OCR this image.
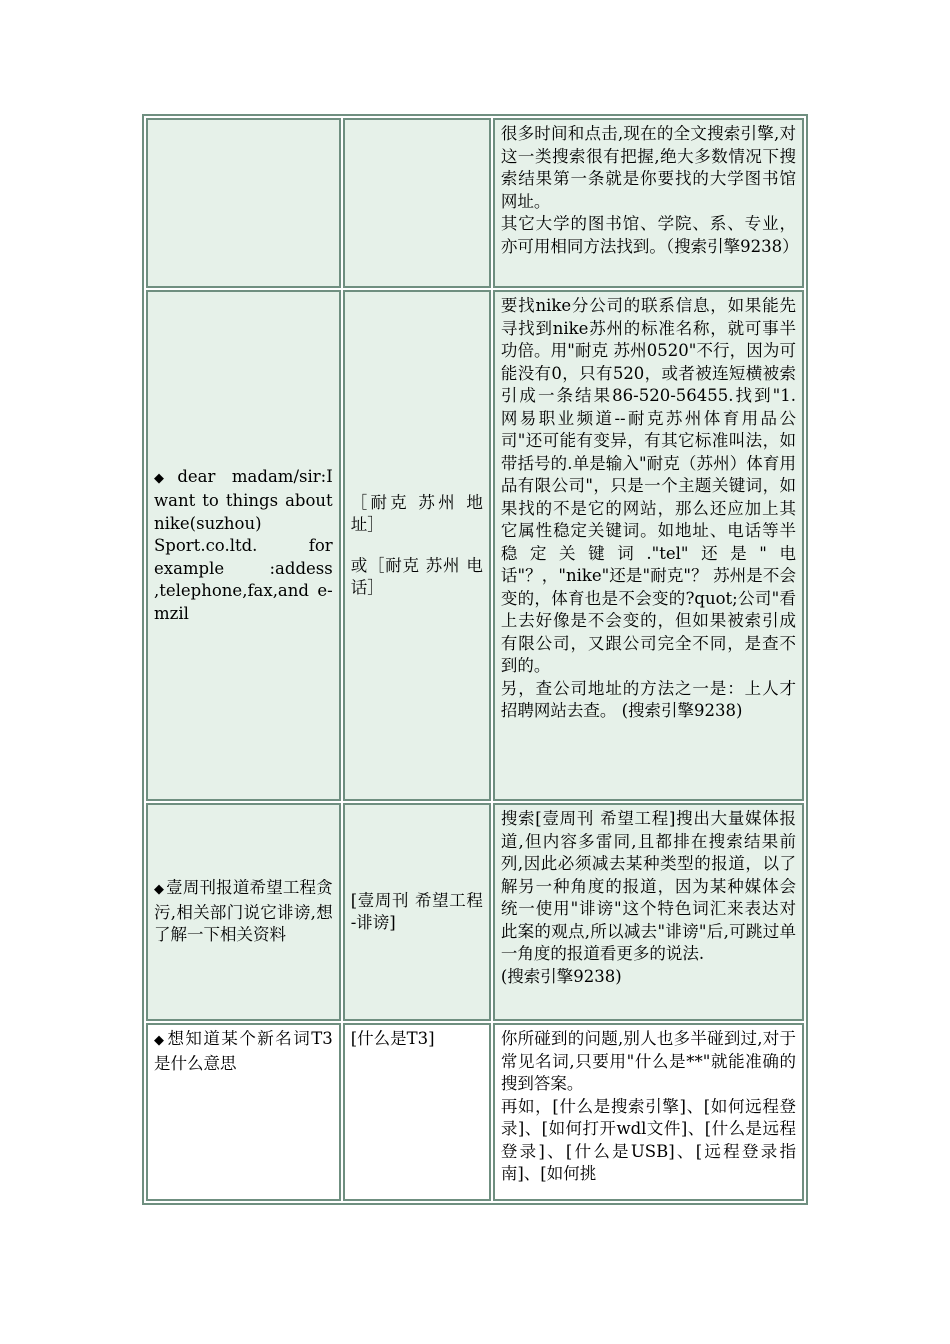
		很多时间和点击,现在的全文搜索引擎,对这一类搜索很有把握,绝大多数情况下搜索结果第一条就是你要找的大学图书馆网址。
其它大学的图书馆、学院、系、专业，亦可用相同方法找到。（搜索引擎9238）

◆ dear madam/sir:I want to things about nike(suzhou) Sport.co.ltd. for example :addess ,telephone,fax,and e-mzil	［耐克 苏州 地址］
或［耐克 苏州 电话］	要找nike分公司的联系信息，如果能先寻找到nike苏州的标准名称，就可事半功倍。用"耐克 苏州0520"不行，因为可能没有0，只有520，或者被连短横被索引成一条结果86-520-56455.找到"1. 网易职业频道--耐克苏州体育用品公司"还可能有变异，有其它标准叫法，如带括号的.单是输入"耐克（苏州）体育用品有限公司"，只是一个主题关键词，如果找的不是它的网站，那么还应加上其它属性稳定关键词。如地址、电话等半稳定关键词."tel"还是"电话"？，"nike"还是"耐克"？ 苏州是不会变的，体育也是不会变的?quot;公司"看上去好像是不会变的，但如果被索引成有限公司，又跟公司完全不同，是查不到的。
另，查公司地址的方法之一是：上人才招聘网站去查。 (搜索引擎9238)

◆ 壹周刊报道希望工程贪污,相关部门说它诽谤,想了解一下相关资料	[壹周刊 希望工程 -诽谤]	搜索[壹周刊 希望工程]搜出大量媒体报道,但内容多雷同,且都排在搜索结果前列,因此必须减去某种类型的报道，以了解另一种角度的报道，因为某种媒体会统一使用"诽谤"这个特色词汇来表达对此案的观点,所以减去"诽谤"后,可跳过单一角度的报道看更多的说法.
(搜索引擎9238)

◆ 想知道某个新名词T3是什么意思	[什么是T3]	你所碰到的问题,别人也多半碰到过,对于常见名词,只要用"什么是**"就能准确的搜到答案。
再如，[什么是搜索引擎]、[如何远程登录]、[如何打开wdl文件]、[什么是远程登录]、[什么是USB]、[远程登录指南]、[如何挑
